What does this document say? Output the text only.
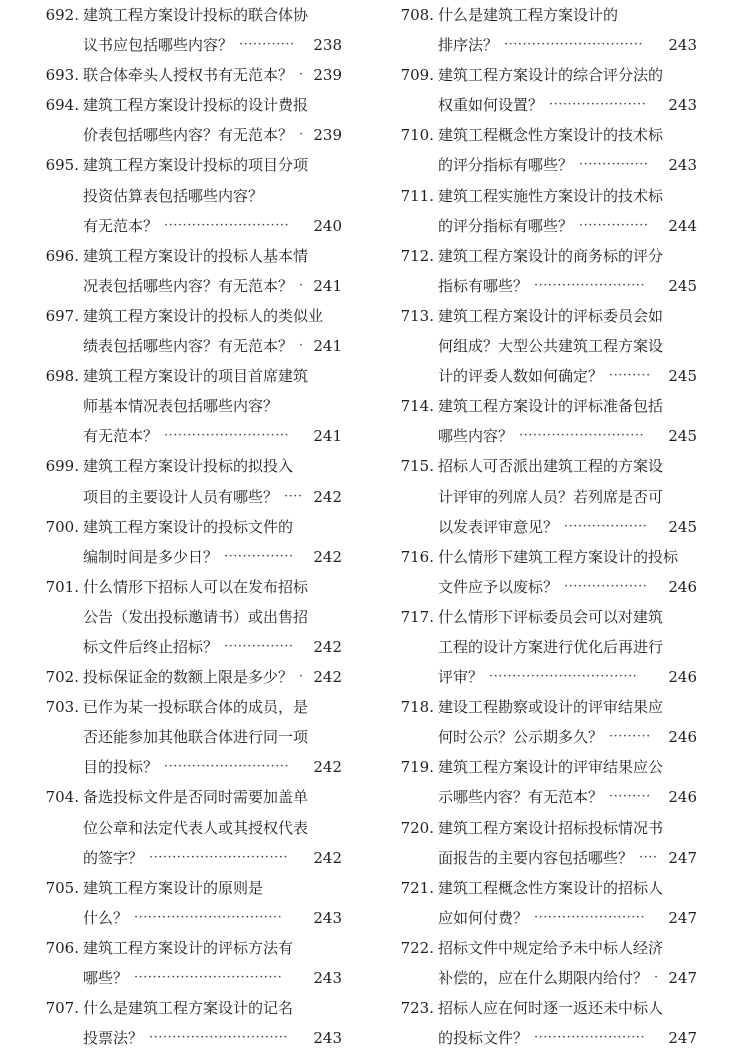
692. 建筑工程方案设计投标的联合体协
议书应包括哪些内容？ ············ 238
693. 联合体牵头人授权书有无范本？ · 239
694. 建筑工程方案设计投标的设计费报
价表包括哪些内容？有无范本？ · 239
695. 建筑工程方案设计投标的项目分项
投资估算表包括哪些内容？
有无范本？ ··························· 240
696. 建筑工程方案设计的投标人基本情
况表包括哪些内容？有无范本？ · 241
697. 建筑工程方案设计的投标人的类似业
绩表包括哪些内容？有无范本？ · 241
698. 建筑工程方案设计的项目首席建筑
师基本情况表包括哪些内容？
有无范本？ ··························· 241
699. 建筑工程方案设计投标的拟投入
项目的主要设计人员有哪些？ ···· 242
700. 建筑工程方案设计的投标文件的
编制时间是多少日？ ··············· 242
701. 什么情形下招标人可以在发布招标
公告（发出投标邀请书）或出售招
标文件后终止招标？ ··············· 242
702. 投标保证金的数额上限是多少？ · 242
703. 已作为某一投标联合体的成员，是
否还能参加其他联合体进行同一项
目的投标？ ··························· 242
704. 备选投标文件是否同时需要加盖单
位公章和法定代表人或其授权代表
的签字？ ······························ 242
705. 建筑工程方案设计的原则是
什么？ ································ 243
706. 建筑工程方案设计的评标方法有
哪些？ ································ 243
707. 什么是建筑工程方案设计的记名
投票法？ ······························ 243
708. 什么是建筑工程方案设计的
排序法？ ······························ 243
709. 建筑工程方案设计的综合评分法的
权重如何设置？ ····················· 243
710. 建筑工程概念性方案设计的技术标
的评分指标有哪些？ ··············· 243
711. 建筑工程实施性方案设计的技术标
的评分指标有哪些？ ··············· 244
712. 建筑工程方案设计的商务标的评分
指标有哪些？ ························ 245
713. 建筑工程方案设计的评标委员会如
何组成？大型公共建筑工程方案设
计的评委人数如何确定？ ········· 245
714. 建筑工程方案设计的评标准备包括
哪些内容？ ··························· 245
715. 招标人可否派出建筑工程的方案设
计评审的列席人员？若列席是否可
以发表评审意见？ ·················· 245
716. 什么情形下建筑工程方案设计的投标
文件应予以废标？ ·················· 246
717. 什么情形下评标委员会可以对建筑
工程的设计方案进行优化后再进行
评审？ ································ 246
718. 建设工程勘察或设计的评审结果应
何时公示？公示期多久？ ········· 246
719. 建筑工程方案设计的评审结果应公
示哪些内容？有无范本？ ········· 246
720. 建筑工程方案设计招标投标情况书
面报告的主要内容包括哪些？ ···· 247
721. 建筑工程概念性方案设计的招标人
应如何付费？ ························ 247
722. 招标文件中规定给予未中标人经济
补偿的，应在什么期限内给付？ · 247
723. 招标人应在何时逐一返还未中标人
的投标文件？ ························ 247
